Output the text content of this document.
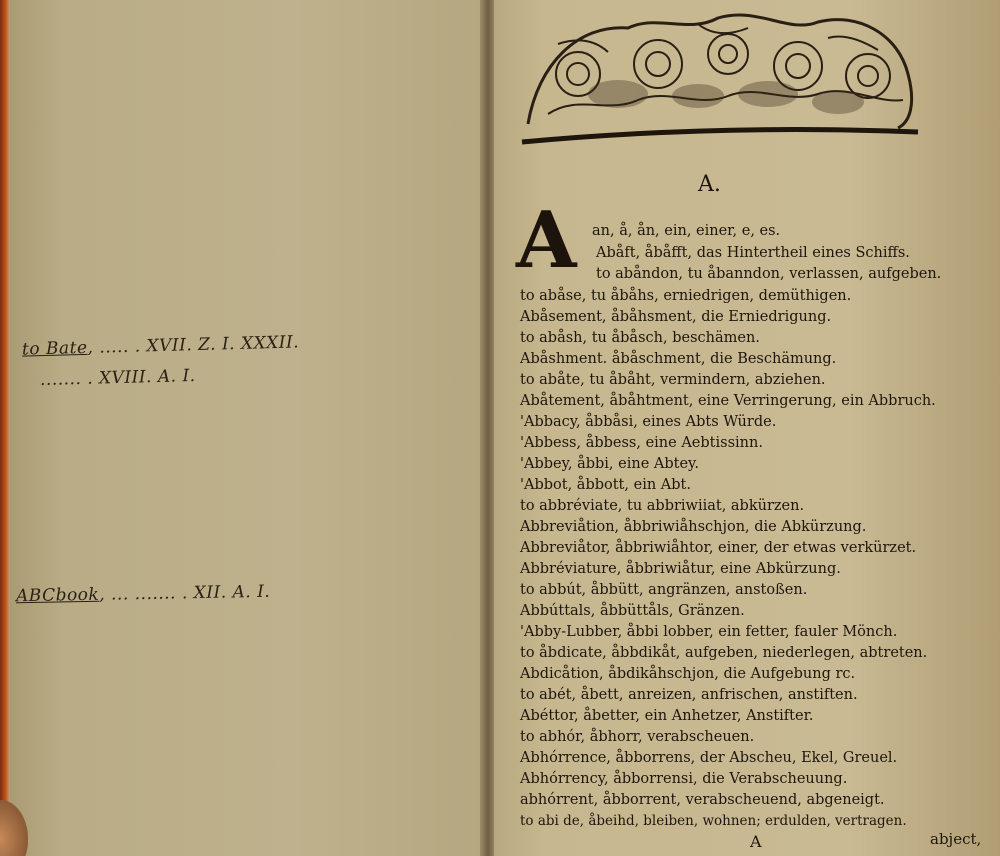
to Bate, ..... . XVII. Z. I. XXXII.
....... . XVIII. A. I.
ABCbook, ... ....... . XII. A. I.
A.
A an, å, ån, ein, einer, e, es.
Abåft, åbåfft, das Hintertheil eines Schiffs.
to abåndon, tu åbanndon, verlassen, aufgeben.
to abåse, tu åbåhs, erniedrigen, demüthigen.
Abåsement, åbåhsment, die Erniedrigung.
to abåsh, tu åbåsch, beschämen.
Abåshment. åbåschment, die Beschämung.
to abåte, tu åbåht, vermindern, abziehen.
Abåtement, åbåhtment, eine Verringerung, ein Abbruch.
'Abbacy, åbbåsi, eines Abts Würde.
'Abbess, åbbess, eine Aebtissinn.
'Abbey, åbbi, eine Abtey.
'Abbot, åbbott, ein Abt.
to abbréviate, tu abbriwiiat, abkürzen.
Abbreviåtion, åbbriwiåhschjon, die Abkürzung.
Abbreviåtor, åbbriwiåhtor, einer, der etwas verkürzet.
Abbréviature, åbbriwiåtur, eine Abkürzung.
to abbút, åbbütt, angränzen, anstoßen.
Abbúttals, åbbüttåls, Gränzen.
'Abby-Lubber, åbbi lobber, ein fetter, fauler Mönch.
to åbdicate, åbbdikåt, aufgeben, niederlegen, abtreten.
Abdicåtion, åbdikåhschjon, die Aufgebung rc.
to abét, åbett, anreizen, anfrischen, anstiften.
Abéttor, åbetter, ein Anhetzer, Anstifter.
to abhór, åbhorr, verabscheuen.
Abhórrence, åbborrens, der Abscheu, Ekel, Greuel.
Abhórrency, åbborrensi, die Verabscheuung.
abhórrent, åbborrent, verabscheuend, abgeneigt.
to abi de, åbeihd, bleiben, wohnen; erdulden, vertragen.
A	abject,
